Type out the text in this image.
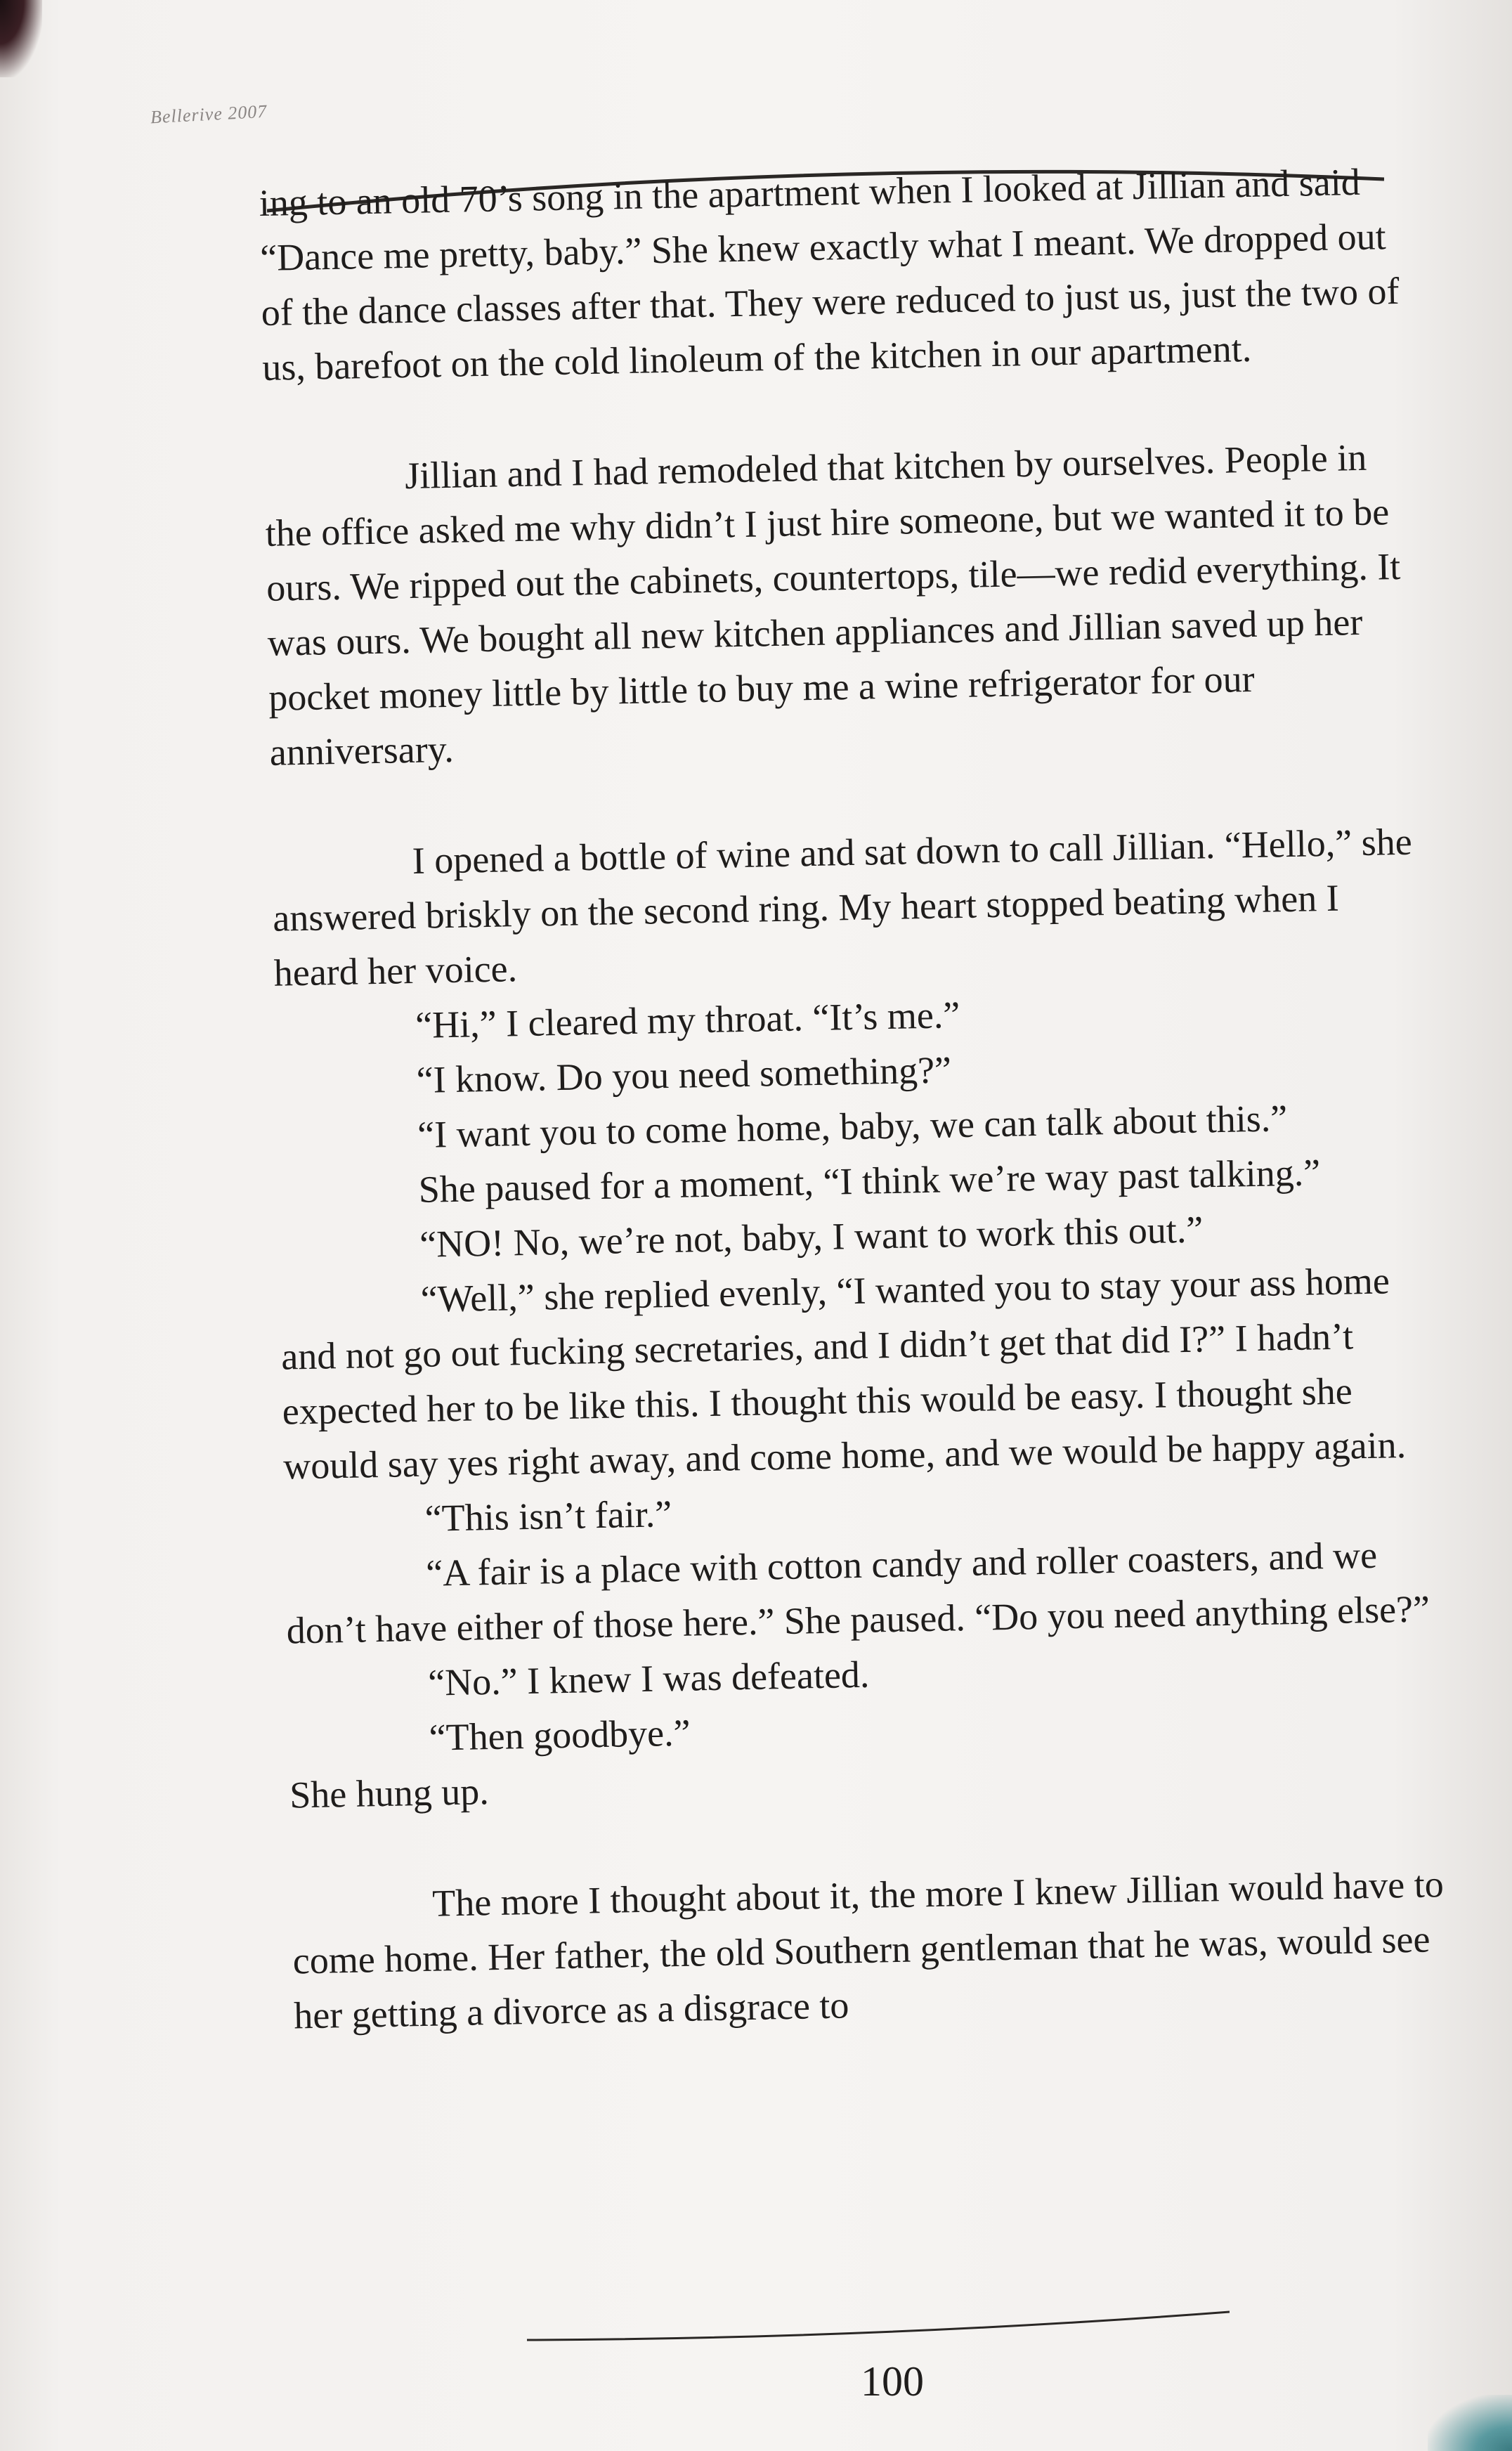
Bellerive 2007

ing to an old 70’s song in the apartment when I looked at Jillian and said “Dance me pretty, baby.” She knew exactly what I meant. We dropped out of the dance classes after that. They were reduced to just us, just the two of us, barefoot on the cold linoleum of the kitchen in our apartment.

Jillian and I had remodeled that kitchen by ourselves. People in the office asked me why didn’t I just hire someone, but we wanted it to be ours. We ripped out the cabinets, countertops, tile—we redid everything. It was ours. We bought all new kitchen appliances and Jillian saved up her pocket money little by little to buy me a wine refrigerator for our anniversary.

I opened a bottle of wine and sat down to call Jillian. “Hello,” she answered briskly on the second ring. My heart stopped beating when I heard her voice.

“Hi,” I cleared my throat. “It’s me.”

“I know. Do you need something?”

“I want you to come home, baby, we can talk about this.”

She paused for a moment, “I think we’re way past talking.”

“NO! No, we’re not, baby, I want to work this out.”

“Well,” she replied evenly, “I wanted you to stay your ass home and not go out fucking secretaries, and I didn’t get that did I?” I hadn’t expected her to be like this. I thought this would be easy. I thought she would say yes right away, and come home, and we would be happy again.

“This isn’t fair.”

“A fair is a place with cotton candy and roller coasters, and we don’t have either of those here.” She paused. “Do you need anything else?”

“No.” I knew I was defeated.

“Then goodbye.”

She hung up.

The more I thought about it, the more I knew Jillian would have to come home. Her father, the old Southern gentleman that he was, would see her getting a divorce as a disgrace to

100
